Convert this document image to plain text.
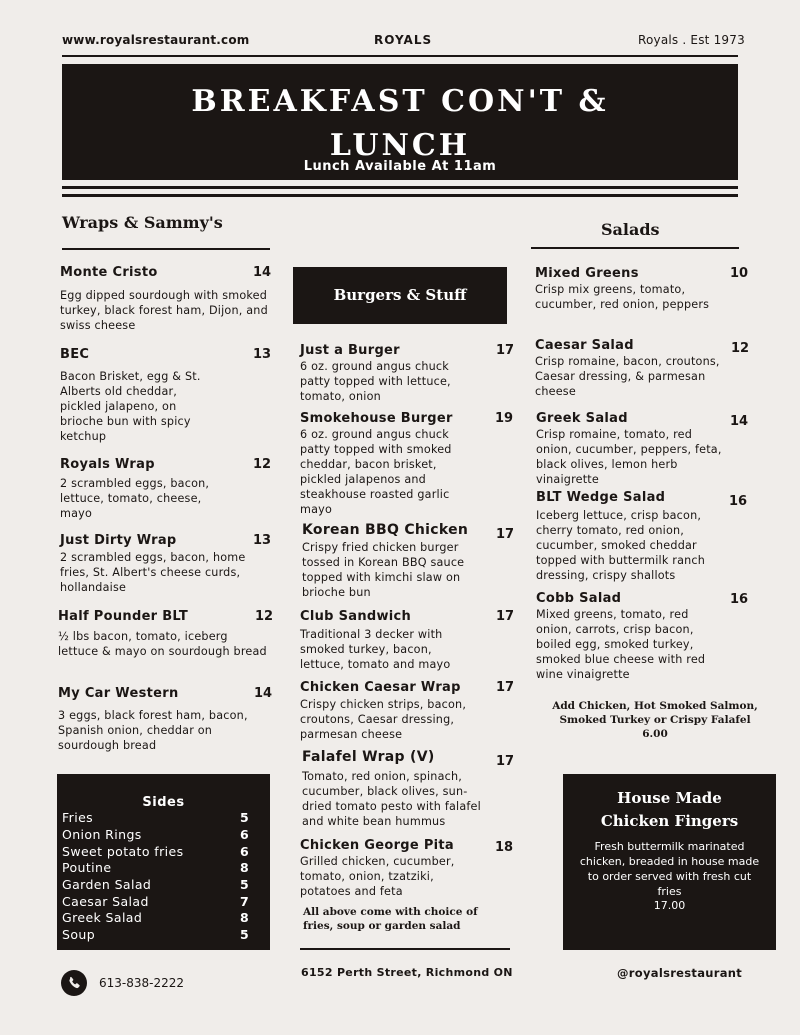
www.royalsrestaurant.com	ROYALS	Royals . Est 1973
BREAKFAST CON'T &
LUNCH
Lunch Available At 11am
Wraps & Sammy's
Monte Cristo	14
Egg dipped sourdough with smoked turkey, black forest ham, Dijon, and swiss cheese
BEC	13
Bacon Brisket, egg & St. Alberts old cheddar, pickled jalapeno, on brioche bun with spicy ketchup
Royals Wrap	12
2 scrambled eggs, bacon, lettuce, tomato, cheese, mayo
Just Dirty Wrap	13
2 scrambled eggs, bacon, home fries, St. Albert's cheese curds, hollandaise
Half Pounder BLT	12
½ lbs bacon, tomato, iceberg lettuce & mayo on sourdough bread
My Car Western	14
3 eggs, black forest ham, bacon, Spanish onion, cheddar on sourdough bread
Sides
Fries	5
Onion Rings	6
Sweet potato fries	6
Poutine	8
Garden Salad	5
Caesar Salad	7
Greek Salad	8
Soup	5
Burgers & Stuff
Just a Burger	17
6 oz. ground angus chuck patty topped with lettuce, tomato, onion
Smokehouse Burger	19
6 oz. ground angus chuck patty topped with smoked cheddar, bacon brisket, pickled jalapenos and steakhouse roasted garlic mayo
Korean BBQ Chicken	17
Crispy fried chicken burger tossed in Korean BBQ sauce topped with kimchi slaw on brioche bun
Club Sandwich	17
Traditional 3 decker with smoked turkey, bacon, lettuce, tomato and mayo
Chicken Caesar Wrap	17
Crispy chicken strips, bacon, croutons, Caesar dressing, parmesan cheese
Falafel Wrap (V)	17
Tomato, red onion, spinach, cucumber, black olives, sun-dried tomato pesto with falafel and white bean hummus
Chicken George Pita	18
Grilled chicken, cucumber, tomato, onion, tzatziki, potatoes and feta
All above come with choice of fries, soup or garden salad
Salads
Mixed Greens	10
Crisp mix greens, tomato, cucumber, red onion, peppers
Caesar Salad	12
Crisp romaine, bacon, croutons, Caesar dressing, & parmesan cheese
Greek Salad	14
Crisp romaine, tomato, red onion, cucumber, peppers, feta, black olives, lemon herb vinaigrette
BLT Wedge Salad	16
Iceberg lettuce, crisp bacon, cherry tomato, red onion, cucumber, smoked cheddar topped with buttermilk ranch dressing, crispy shallots
Cobb Salad	16
Mixed greens, tomato, red onion, carrots, crisp bacon, boiled egg, smoked turkey, smoked blue cheese with red wine vinaigrette
Add Chicken, Hot Smoked Salmon, Smoked Turkey or Crispy Falafel
6.00
House Made
Chicken Fingers
Fresh buttermilk marinated chicken, breaded in house made to order served with fresh cut fries
17.00
613-838-2222
6152 Perth Street, Richmond ON	@royalsrestaurant
